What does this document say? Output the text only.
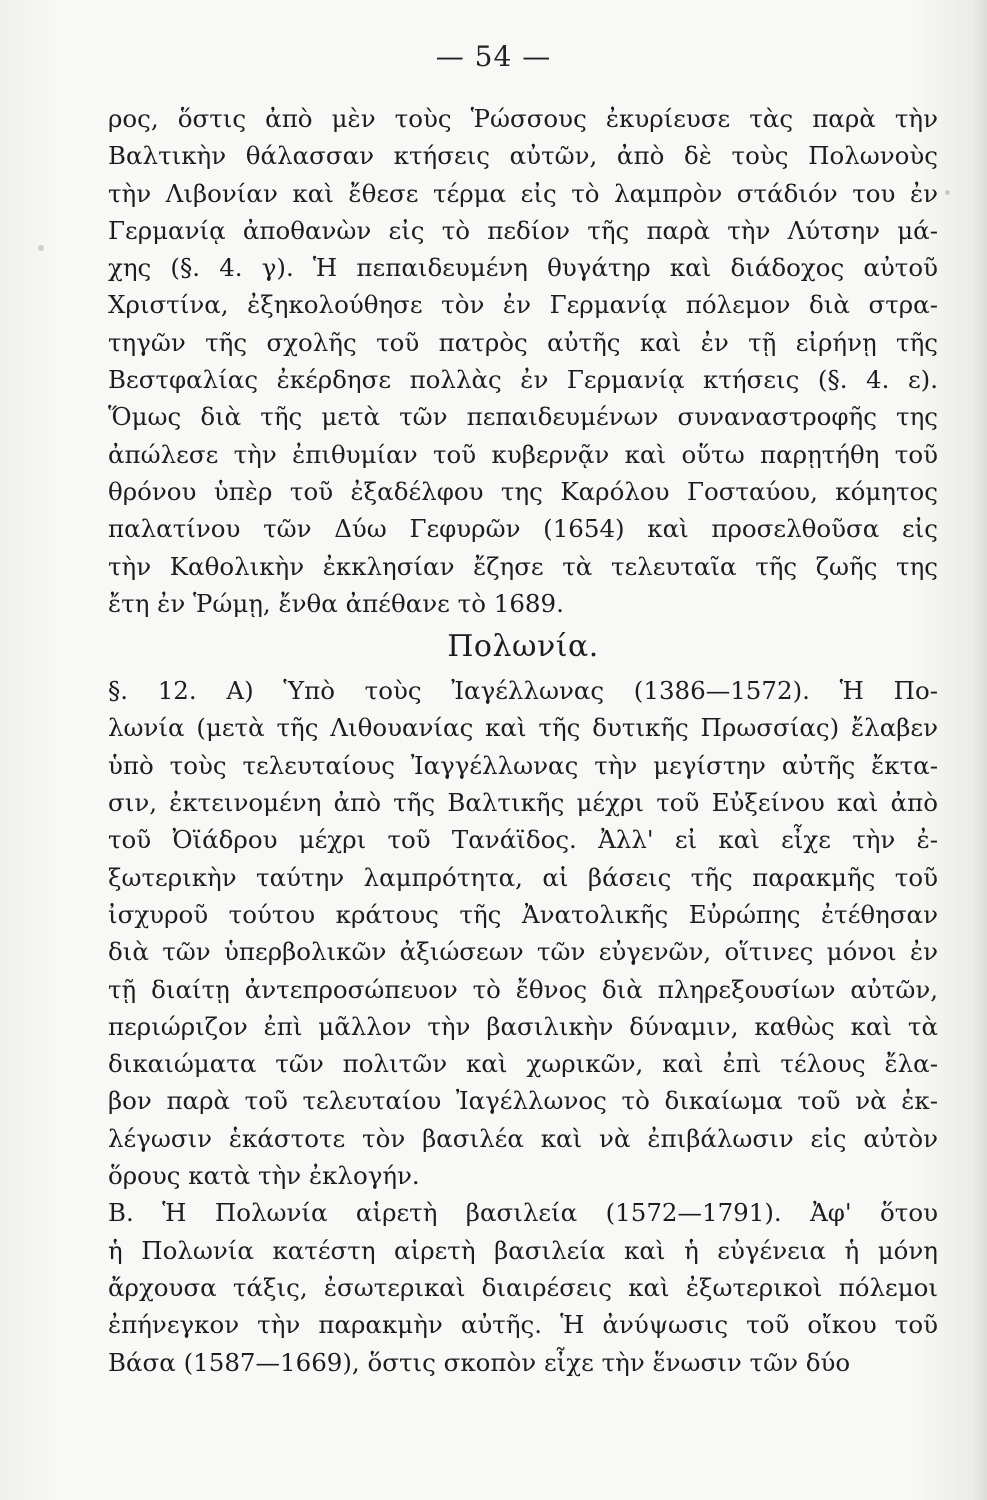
— 54 —
ρος, ὅστις ἀπὸ μὲν τοὺς Ῥώσσους ἐκυρίευσε τὰς παρὰ τὴν
Βαλτικὴν θάλασσαν κτήσεις αὐτῶν, ἀπὸ δὲ τοὺς Πολωνοὺς
τὴν Λιβονίαν καὶ ἔθεσε τέρμα εἰς τὸ λαμπρὸν στάδιόν του ἐν
Γερμανίᾳ ἀποθανὼν εἰς τὸ πεδίον τῆς παρὰ τὴν Λύτσην μά-
χης (§. 4. γ). Ἡ πεπαιδευμένη θυγάτηρ καὶ διάδοχος αὐτοῦ
Χριστίνα, ἐξηκολούθησε τὸν ἐν Γερμανίᾳ πόλεμον διὰ στρα-
τηγῶν τῆς σχολῆς τοῦ πατρὸς αὐτῆς καὶ ἐν τῇ εἰρήνῃ τῆς
Βεστφαλίας ἐκέρδησε πολλὰς ἐν Γερμανίᾳ κτήσεις (§. 4. ε).
Ὅμως διὰ τῆς μετὰ τῶν πεπαιδευμένων συναναστροφῆς της
ἀπώλεσε τὴν ἐπιθυμίαν τοῦ κυβερνᾷν καὶ οὕτω παρῃτήθη τοῦ
θρόνου ὑπὲρ τοῦ ἐξαδέλφου της Καρόλου Γοσταύου, κόμητος
παλατίνου τῶν Δύω Γεφυρῶν (1654) καὶ προσελθοῦσα εἰς
τὴν Καθολικὴν ἐκκλησίαν ἔζησε τὰ τελευταῖα τῆς ζωῆς της
ἔτη ἐν Ῥώμῃ, ἔνθα ἀπέθανε τὸ 1689.
Πολωνία.
§. 12. Α) Ὑπὸ τοὺς Ἰαγέλλωνας (1386—1572). Ἡ Πο-
λωνία (μετὰ τῆς Λιθουανίας καὶ τῆς δυτικῆς Πρωσσίας) ἔλαβεν
ὑπὸ τοὺς τελευταίους Ἰαγγέλλωνας τὴν μεγίστην αὐτῆς ἔκτα-
σιν, ἐκτεινομένη ἀπὸ τῆς Βαλτικῆς μέχρι τοῦ Εὐξείνου καὶ ἀπὸ
τοῦ Ὀϊάδρου μέχρι τοῦ Τανάϊδος. Ἀλλ' εἰ καὶ εἶχε τὴν ἐ-
ξωτερικὴν ταύτην λαμπρότητα, αἱ βάσεις τῆς παρακμῆς τοῦ
ἰσχυροῦ τούτου κράτους τῆς Ἀνατολικῆς Εὐρώπης ἐτέθησαν
διὰ τῶν ὑπερβολικῶν ἀξιώσεων τῶν εὐγενῶν, οἵτινες μόνοι ἐν
τῇ διαίτῃ ἀντεπροσώπευον τὸ ἔθνος διὰ πληρεξουσίων αὐτῶν,
περιώριζον ἐπὶ μᾶλλον τὴν βασιλικὴν δύναμιν, καθὼς καὶ τὰ
δικαιώματα τῶν πολιτῶν καὶ χωρικῶν, καὶ ἐπὶ τέλους ἔλα-
βον παρὰ τοῦ τελευταίου Ἰαγέλλωνος τὸ δικαίωμα τοῦ νὰ ἐκ-
λέγωσιν ἑκάστοτε τὸν βασιλέα καὶ νὰ ἐπιβάλωσιν εἰς αὐτὸν
ὅρους κατὰ τὴν ἐκλογήν.
Β. Ἡ Πολωνία αἱρετὴ βασιλεία (1572—1791). Ἀφ' ὅτου
ἡ Πολωνία κατέστη αἱρετὴ βασιλεία καὶ ἡ εὐγένεια ἡ μόνη
ἄρχουσα τάξις, ἐσωτερικαὶ διαιρέσεις καὶ ἐξωτερικοὶ πόλεμοι
ἐπήνεγκον τὴν παρακμὴν αὐτῆς. Ἡ ἀνύψωσις τοῦ οἴκου τοῦ
Βάσα (1587—1669), ὅστις σκοπὸν εἶχε τὴν ἕνωσιν τῶν δύο
